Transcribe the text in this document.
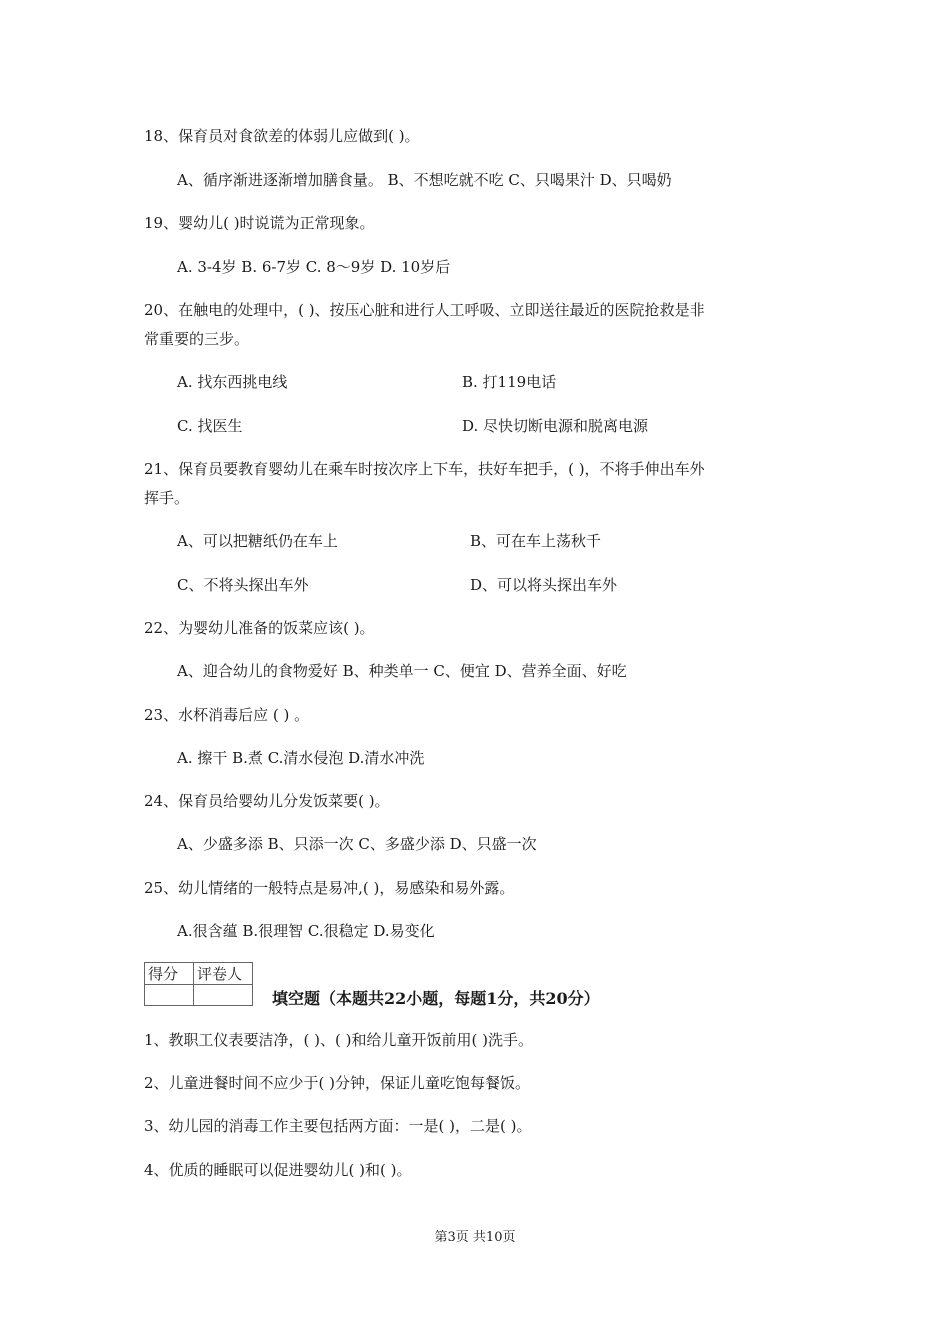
18、保育员对食欲差的体弱儿应做到( )。
A、循序渐进逐渐增加膳食量。 B、不想吃就不吃 C、只喝果汁 D、只喝奶
19、婴幼儿( )时说谎为正常现象。
A. 3-4岁 B. 6-7岁 C. 8～9岁 D. 10岁后
20、在触电的处理中，( )、按压心脏和进行人工呼吸、立即送往最近的医院抢救是非
常重要的三步。
A. 找东西挑电线	B. 打119电话
C. 找医生	D. 尽快切断电源和脱离电源
21、保育员要教育婴幼儿在乘车时按次序上下车，扶好车把手，( )，不将手伸出车外
挥手。
A、可以把糖纸仍在车上	B、可在车上荡秋千
C、不将头探出车外	D、可以将头探出车外
22、为婴幼儿准备的饭菜应该( )。
A、迎合幼儿的食物爱好 B、种类单一 C、便宜 D、营养全面、好吃
23、水杯消毒后应 ( ) 。
A. 擦干 B.煮 C.清水侵泡 D.清水冲洗
24、保育员给婴幼儿分发饭菜要( )。
A、少盛多添 B、只添一次 C、多盛少添 D、只盛一次
25、幼儿情绪的一般特点是易冲,( )，易感染和易外露。
A.很含蕴 B.很理智 C.很稳定 D.易变化
得分	评卷人

填空题（本题共22小题，每题1分，共20分）
1、教职工仪表要洁净，( )、( )和给儿童开饭前用( )洗手。
2、儿童进餐时间不应少于( )分钟，保证儿童吃饱每餐饭。
3、幼儿园的消毒工作主要包括两方面：一是( )，二是( )。
4、优质的睡眠可以促进婴幼儿( )和( )。
第3页 共10页
